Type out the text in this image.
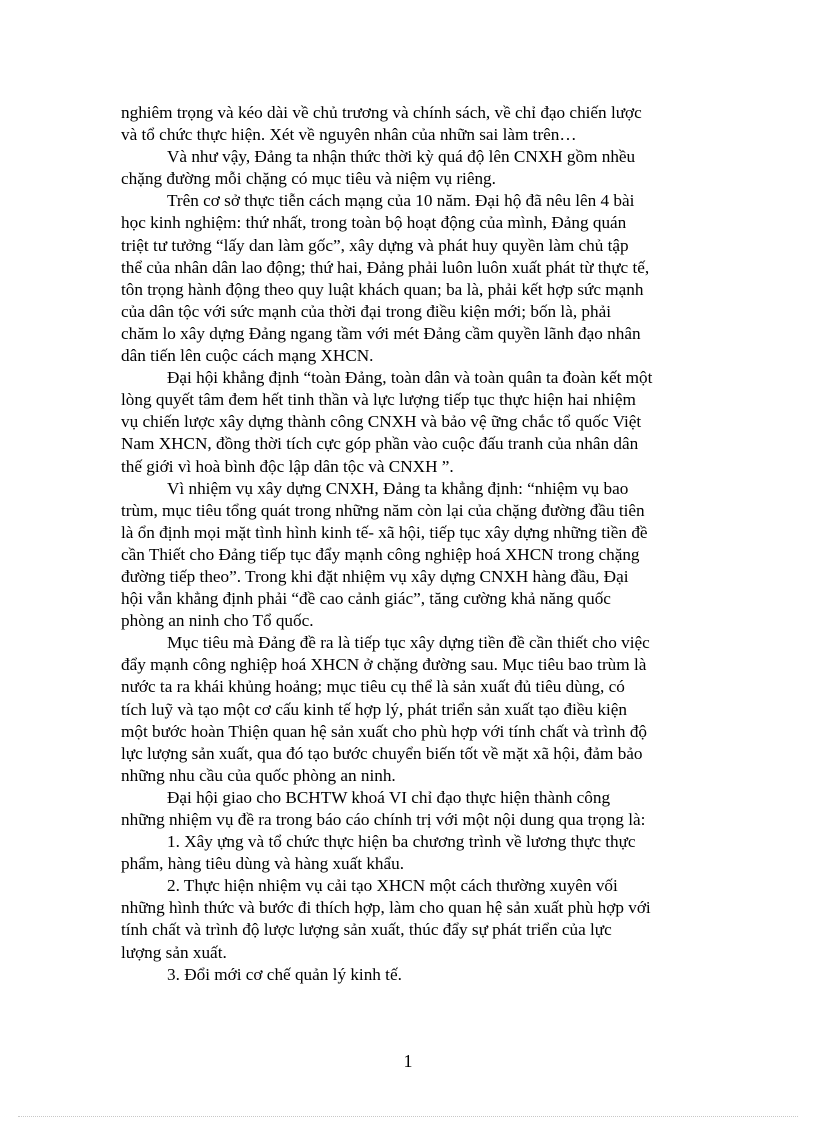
nghiêm trọng và kéo dài về chủ trương và chính sách, về chỉ đạo chiến lược
và tổ chức thực hiện. Xét về nguyên nhân của nhữn sai làm trên…
Và như vậy, Đảng ta nhận thức thời kỳ quá độ lên CNXH gồm nhều
chặng đường mỗi chặng có mục tiêu và niệm vụ riêng.
Trên cơ sở thực tiễn cách mạng của 10 năm. Đại hộ đã nêu lên 4 bài
học kinh nghiệm: thứ nhất, trong toàn bộ hoạt động của mình, Đảng quán
triệt tư tưởng “lấy dan làm gốc”, xây dựng và phát huy quyền làm chủ tập
thể của nhân dân lao động; thứ hai, Đảng phải luôn luôn xuất phát từ thực tế,
tôn trọng hành động theo quy luật khách quan; ba là, phải kết hợp sức mạnh
của dân tộc với sức mạnh của thời đại trong điều kiện mới; bốn là, phải
chăm lo xây dựng Đảng ngang tầm với mét Đảng cầm quyền lãnh đạo nhân
dân tiến lên cuộc cách mạng XHCN.
Đại hội khẳng định “toàn Đảng, toàn dân và toàn quân ta đoàn kết một
lòng quyết tâm đem hết tinh thần và lực lượng tiếp tục thực hiện hai nhiệm
vụ chiến lược xây dựng thành công CNXH và bảo vệ ững chắc tổ quốc Việt
Nam XHCN, đồng thời tích cực góp phần vào cuộc đấu tranh của nhân dân
thế giới vì hoà bình độc lập dân tộc và CNXH ”.
Vì nhiệm vụ xây dựng CNXH, Đảng ta khẳng định: “nhiệm vụ bao
trùm, mục tiêu tổng quát trong những năm còn lại của chặng đường đầu tiên
là ổn định mọi mặt tình hình kinh tế- xã hội, tiếp tục xây dựng những tiền đề
cần Thiết cho Đảng tiếp tục đẩy mạnh công nghiệp hoá XHCN trong chặng
đường tiếp theo”. Trong khi đặt nhiệm vụ xây dựng CNXH hàng đầu, Đại
hội vẫn khẳng định phải “đề cao cảnh giác”, tăng cường khả năng quốc
phòng an ninh cho Tổ quốc.
Mục tiêu mà Đảng đề ra là tiếp tục xây dựng tiền đề cần thiết cho việc
đẩy mạnh công nghiệp hoá XHCN ở chặng đường sau. Mục tiêu bao trùm là
nước ta ra khái khủng hoảng; mục tiêu cụ thể là sản xuất đủ tiêu dùng, có
tích luỹ và tạo một cơ cấu kinh tế hợp lý, phát triển sản xuất tạo điều kiện
một bước hoàn Thiện quan hệ sản xuất cho phù hợp với tính chất và trình độ
lực lượng sản xuất, qua đó tạo bước chuyển biến tốt về mặt xã hội, đảm bảo
những nhu cầu của quốc phòng an ninh.
Đại hội giao cho BCHTW khoá VI chỉ đạo thực hiện thành công
những nhiệm vụ đề ra trong báo cáo chính trị với một nội dung qua trọng là:
1. Xây ựng và tổ chức thực hiện ba chương trình về lương thực thực
phẩm, hàng tiêu dùng và hàng xuất khẩu.
2. Thực hiện nhiệm vụ cải tạo XHCN một cách thường xuyên vối
những hình thức và bước đi thích hợp, làm cho quan hệ sản xuất phù hợp với
tính chất và trình độ lược lượng sản xuất, thúc đẩy sự phát triển của lực
lượng sản xuất.
3. Đổi mới cơ chế quản lý kinh tế.
1
